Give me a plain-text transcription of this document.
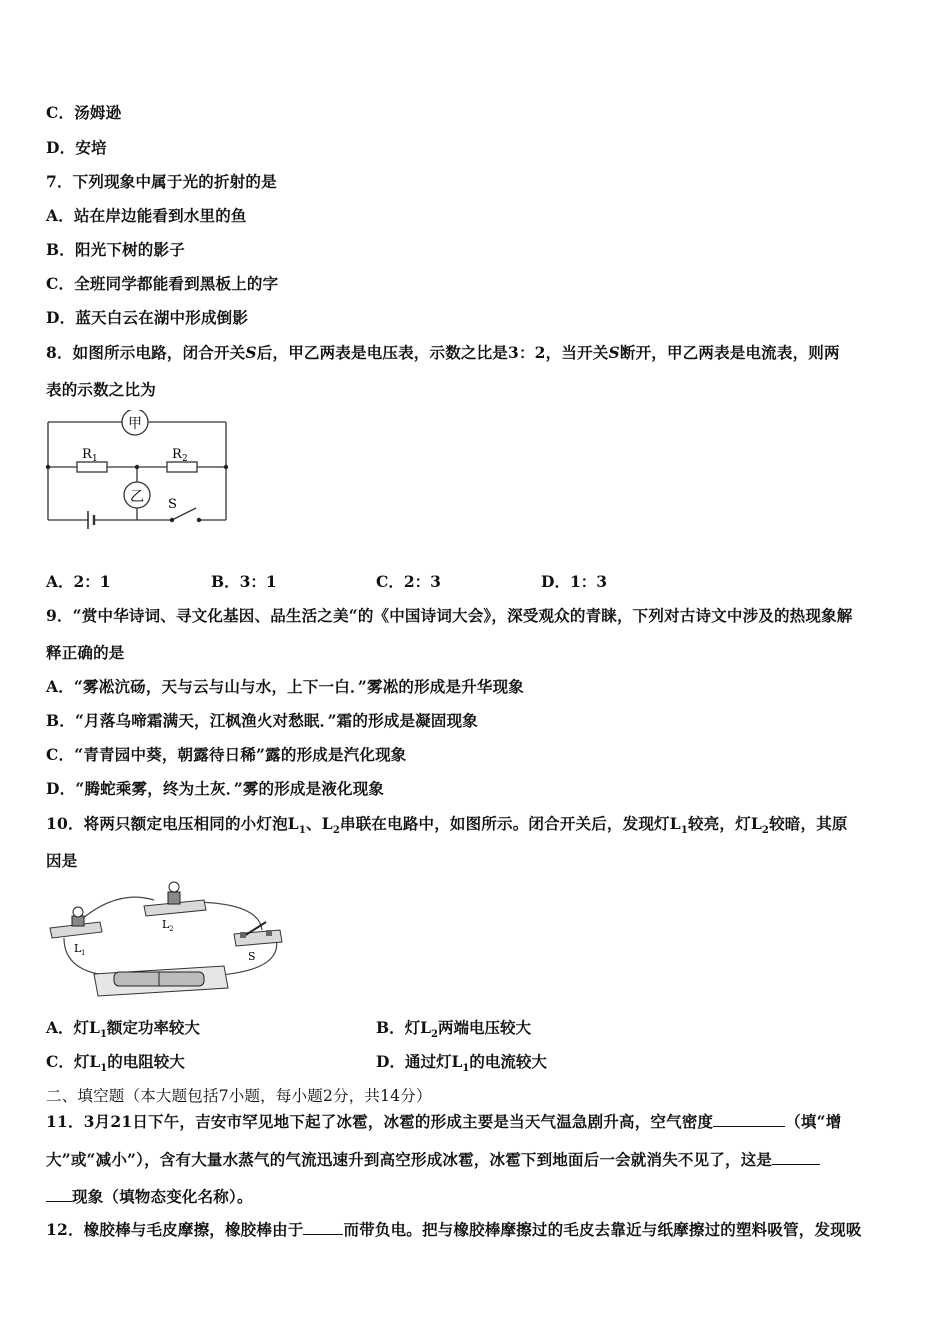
C．汤姆逊
D．安培
7．下列现象中属于光的折射的是
A．站在岸边能看到水里的鱼
B．阳光下树的影子
C．全班同学都能看到黑板上的字
D．蓝天白云在湖中形成倒影
8．如图所示电路，闭合开关S后，甲乙两表是电压表，示数之比是3：2，当开关S断开，甲乙两表是电流表，则两
表的示数之比为
甲
乙
R 1	R 2
S
A．2：1	B．3：1	C．2：3	D．1：3
9．“赏中华诗词、寻文化基因、品生活之美“的《中国诗词大会》，深受观众的青睐，下列对古诗文中涉及的热现象解
释正确的是
A．“雾凇沆砀，天与云与山与水，上下一白．”雾凇的形成是升华现象
B．“月落乌啼霜满天，江枫渔火对愁眠．”霜的形成是凝固现象
C．“青青园中葵，朝露待日稀”露的形成是汽化现象
D．“腾蛇乘雾，终为土灰．”雾的形成是液化现象
10．将两只额定电压相同的小灯泡$L_1$、$L_2$串联在电路中，如图所示。闭合开关后，发现灯$L_1$较亮，灯$L_2$较暗，其原
因是
L 1
L 2
S
A．灯$L_1$额定功率较大	B．灯$L_2$两端电压较大
C．灯$L_1$的电阻较大	D．通过灯$L_1$的电流较大
二、填空题（本大题包括7小题，每小题2分，共14分）
11．3月21日下午，吉安市罕见地下起了冰雹，冰雹的形成主要是当天气温急剧升高，空气密度	（填“增
大”或“减小”），含有大量水蒸气的气流迅速升到高空形成冰雹，冰雹下到地面后一会就消失不见了，这是
现象（填物态变化名称）。
12．橡胶棒与毛皮摩擦，橡胶棒由于	而带负电。把与橡胶棒摩擦过的毛皮去靠近与纸摩擦过的塑料吸管，发现吸
